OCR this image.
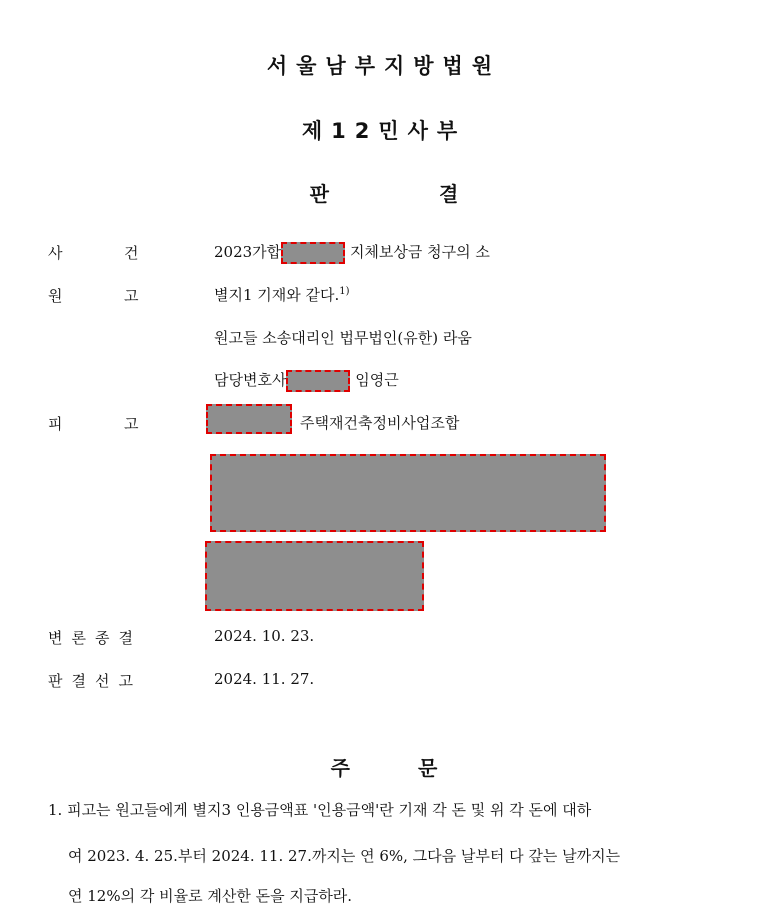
서울남부지방법원
제12민사부
판	결
사	건	2023가합	지체보상금 청구의 소
원	고	별지1 기재와 같다.$^{1)}$
원고들 소송대리인 법무법인(유한) 라움
담당변호사	임영근
피	고	주택재건축정비사업조합
변론종결	2024. 10. 23.
판결선고	2024. 11. 27.
주	문
1. 피고는 원고들에게 별지3 인용금액표 '인용금액'란 기재 각 돈 및 위 각 돈에 대하
여 2023. 4. 25.부터 2024. 11. 27.까지는 연 6%, 그다음 날부터 다 갚는 날까지는
연 12%의 각 비율로 계산한 돈을 지급하라.
